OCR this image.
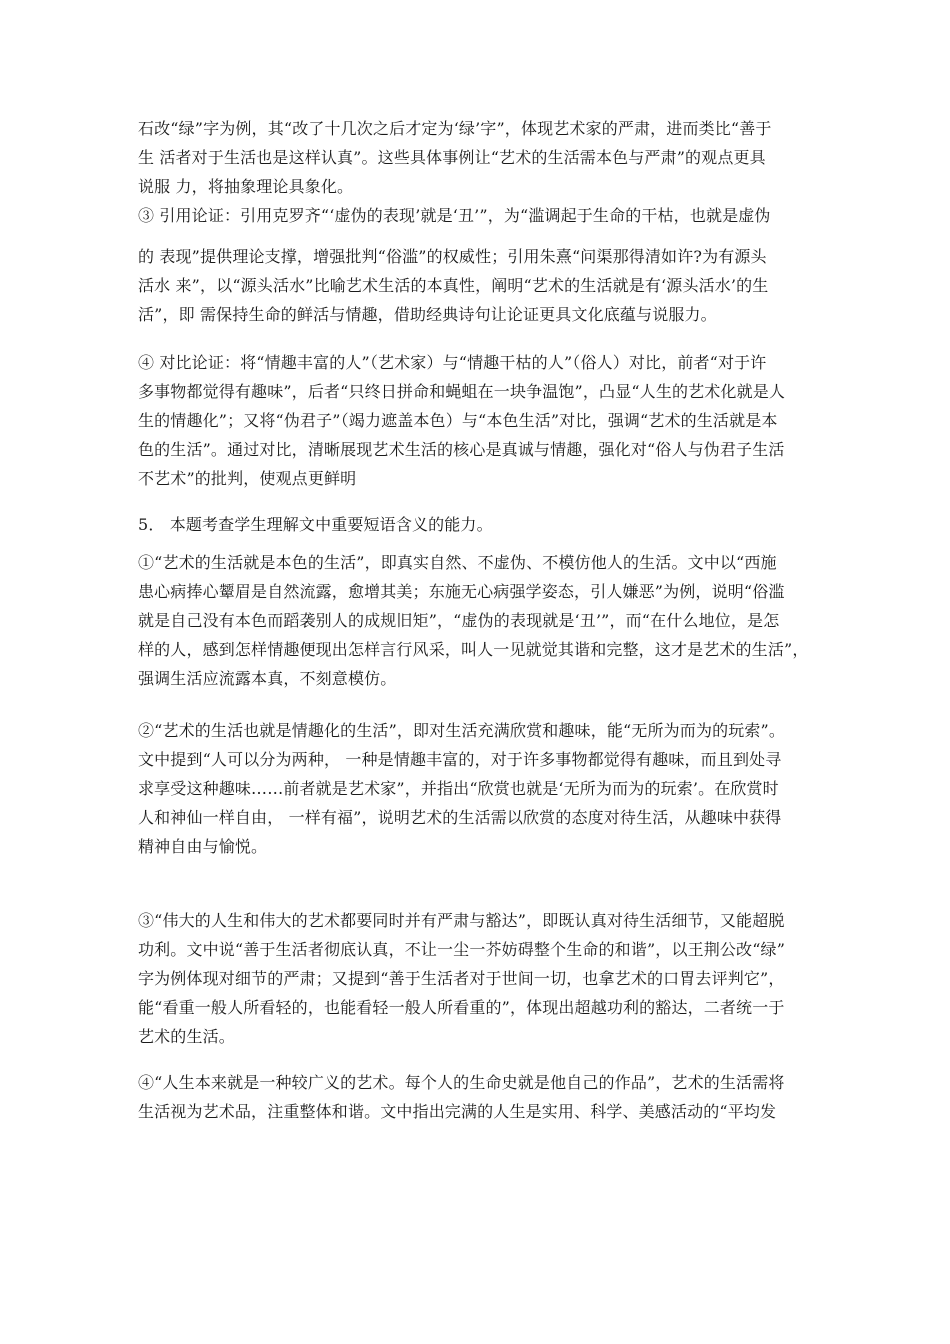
石改“绿”字为例，其“改了十几次之后才定为‘绿’字”，体现艺术家的严肃，进而类比“善于
生 活者对于生活也是这样认真”。这些具体事例让“艺术的生活需本色与严肃”的观点更具
说服 力，将抽象理论具象化。
③ 引用论证：引用克罗齐“‘虚伪的表现’就是‘丑’”，为“滥调起于生命的干枯，也就是虚伪
的 表现”提供理论支撑，增强批判“俗滥”的权威性；引用朱熹“问渠那得清如许?为有源头
活水 来”，以“源头活水”比喻艺术生活的本真性，阐明“艺术的生活就是有‘源头活水’的生
活”，即 需保持生命的鲜活与情趣，借助经典诗句让论证更具文化底蕴与说服力。
④ 对比论证：将“情趣丰富的人”（艺术家）与“情趣干枯的人”（俗人）对比，前者“对于许
多事物都觉得有趣味”，后者“只终日拼命和蝇蛆在一块争温饱”，凸显“人生的艺术化就是人
生的情趣化”；又将“伪君子”（竭力遮盖本色）与“本色生活”对比，强调“艺术的生活就是本
色的生活”。通过对比，清晰展现艺术生活的核心是真诚与情趣，强化对“俗人与伪君子生活
不艺术”的批判，使观点更鲜明
5． 本题考查学生理解文中重要短语含义的能力。
①“艺术的生活就是本色的生活”，即真实自然、不虚伪、不模仿他人的生活。文中以“西施
患心病捧心颦眉是自然流露，愈增其美；东施无心病强学姿态，引人嫌恶”为例，说明“俗滥
就是自己没有本色而蹈袭别人的成规旧矩”，“虚伪的表现就是‘丑’”，而“在什么地位，是怎
样的人，感到怎样情趣便现出怎样言行风采，叫人一见就觉其谐和完整，这才是艺术的生活”，
强调生活应流露本真，不刻意模仿。
②“艺术的生活也就是情趣化的生活”，即对生活充满欣赏和趣味，能“无所为而为的玩索”。
文中提到“人可以分为两种， 一种是情趣丰富的，对于许多事物都觉得有趣味，而且到处寻
求享受这种趣味……前者就是艺术家”，并指出“欣赏也就是‘无所为而为的玩索’。在欣赏时
人和神仙一样自由， 一样有福”，说明艺术的生活需以欣赏的态度对待生活，从趣味中获得
精神自由与愉悦。
③“伟大的人生和伟大的艺术都要同时并有严肃与豁达”，即既认真对待生活细节，又能超脱
功利。文中说“善于生活者彻底认真，不让一尘一芥妨碍整个生命的和谐”，以王荆公改“绿”
字为例体现对细节的严肃；又提到“善于生活者对于世间一切，也拿艺术的口胃去评判它”，
能“看重一般人所看轻的，也能看轻一般人所看重的”，体现出超越功利的豁达，二者统一于
艺术的生活。
④“人生本来就是一种较广义的艺术。每个人的生命史就是他自己的作品”，艺术的生活需将
生活视为艺术品，注重整体和谐。文中指出完满的人生是实用、科学、美感活动的“平均发
